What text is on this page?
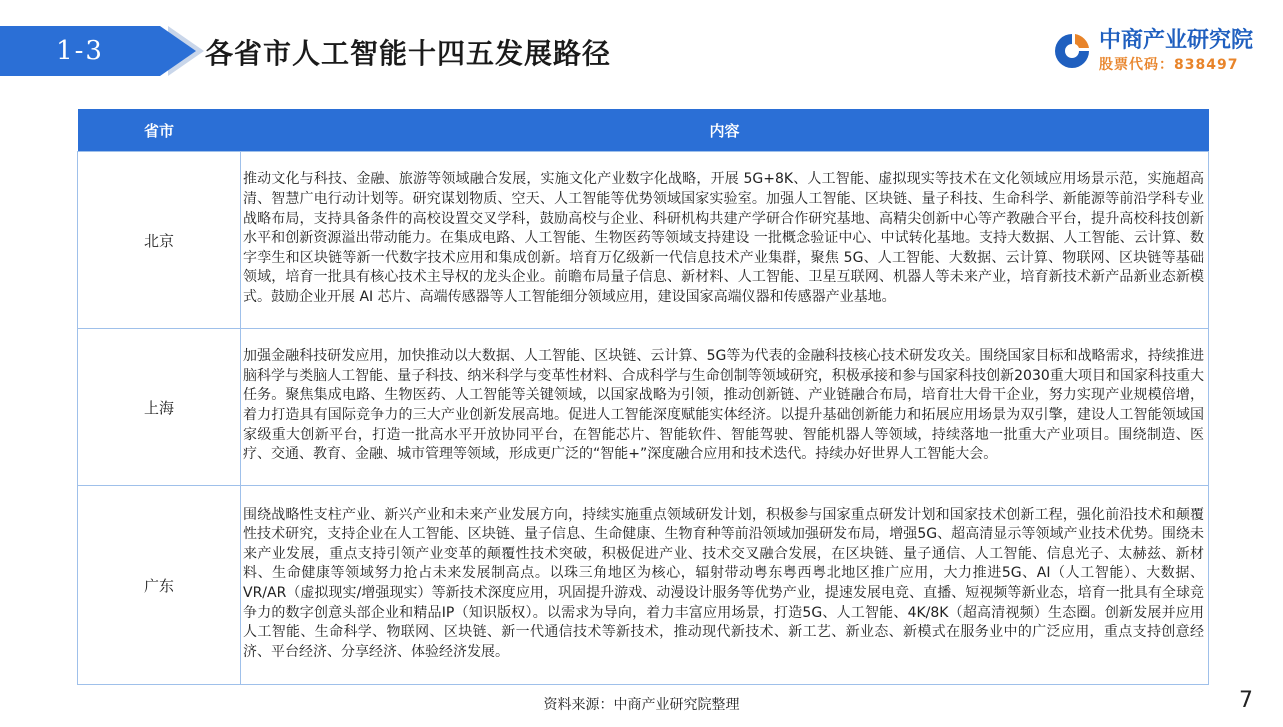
1-3	各省市人工智能十四五发展路径	中商产业研究院
股票代码：838497
省市	内容
北京	推动文化与科技、金融、旅游等领域融合发展，实施文化产业数字化战略，开展 5G+8K、人工智能、虚拟现实等技术在文化领域应用场景示范，实施超高清、智慧广电行动计划等。研究谋划物质、空天、人工智能等优势领域国家实验室。加强人工智能、区块链、量子科技、生命科学、新能源等前沿学科专业战略布局，支持具备条件的高校设置交叉学科，鼓励高校与企业、科研机构共建产学研合作研究基地、高精尖创新中心等产教融合平台，提升高校科技创新水平和创新资源溢出带动能力。在集成电路、人工智能、生物医药等领域支持建设 一批概念验证中心、中试转化基地。支持大数据、人工智能、云计算、数字孪生和区块链等新一代数字技术应用和集成创新。培育万亿级新一代信息技术产业集群，聚焦 5G、人工智能、大数据、云计算、物联网、区块链等基础领域，培育一批具有核心技术主导权的龙头企业。前瞻布局量子信息、新材料、人工智能、卫星互联网、机器人等未来产业，培育新技术新产品新业态新模式。鼓励企业开展 AI 芯片、高端传感器等人工智能细分领域应用，建设国家高端仪器和传感器产业基地。
上海	加强金融科技研发应用，加快推动以大数据、人工智能、区块链、云计算、5G等为代表的金融科技核心技术研发攻关。围绕国家目标和战略需求，持续推进脑科学与类脑人工智能、量子科技、纳米科学与变革性材料、合成科学与生命创制等领域研究，积极承接和参与国家科技创新2030重大项目和国家科技重大任务。聚焦集成电路、生物医药、人工智能等关键领域，以国家战略为引领，推动创新链、产业链融合布局，培育壮大骨干企业，努力实现产业规模倍增，着力打造具有国际竞争力的三大产业创新发展高地。促进人工智能深度赋能实体经济。以提升基础创新能力和拓展应用场景为双引擎，建设人工智能领域国家级重大创新平台，打造一批高水平开放协同平台，在智能芯片、智能软件、智能驾驶、智能机器人等领域，持续落地一批重大产业项目。围绕制造、医疗、交通、教育、金融、城市管理等领域，形成更广泛的“智能+”深度融合应用和技术迭代。持续办好世界人工智能大会。
广东	围绕战略性支柱产业、新兴产业和未来产业发展方向，持续实施重点领域研发计划，积极参与国家重点研发计划和国家技术创新工程，强化前沿技术和颠覆性技术研究，支持企业在人工智能、区块链、量子信息、生命健康、生物育种等前沿领域加强研发布局，增强5G、超高清显示等领域产业技术优势。围绕未来产业发展，重点支持引领产业变革的颠覆性技术突破，积极促进产业、技术交叉融合发展，在区块链、量子通信、人工智能、信息光子、太赫兹、新材料、生命健康等领域努力抢占未来发展制高点。以珠三角地区为核心，辐射带动粤东粤西粤北地区推广应用，大力推进5G、AI（人工智能）、大数据、VR/AR（虚拟现实/增强现实）等新技术深度应用，巩固提升游戏、动漫设计服务等优势产业，提速发展电竞、直播、短视频等新业态，培育一批具有全球竞争力的数字创意头部企业和精品IP（知识版权）。以需求为导向，着力丰富应用场景，打造5G、人工智能、4K/8K（超高清视频）生态圈。创新发展并应用人工智能、生命科学、物联网、区块链、新一代通信技术等新技术，推动现代新技术、新工艺、新业态、新模式在服务业中的广泛应用，重点支持创意经济、平台经济、分享经济、体验经济发展。
资料来源：中商产业研究院整理	7
